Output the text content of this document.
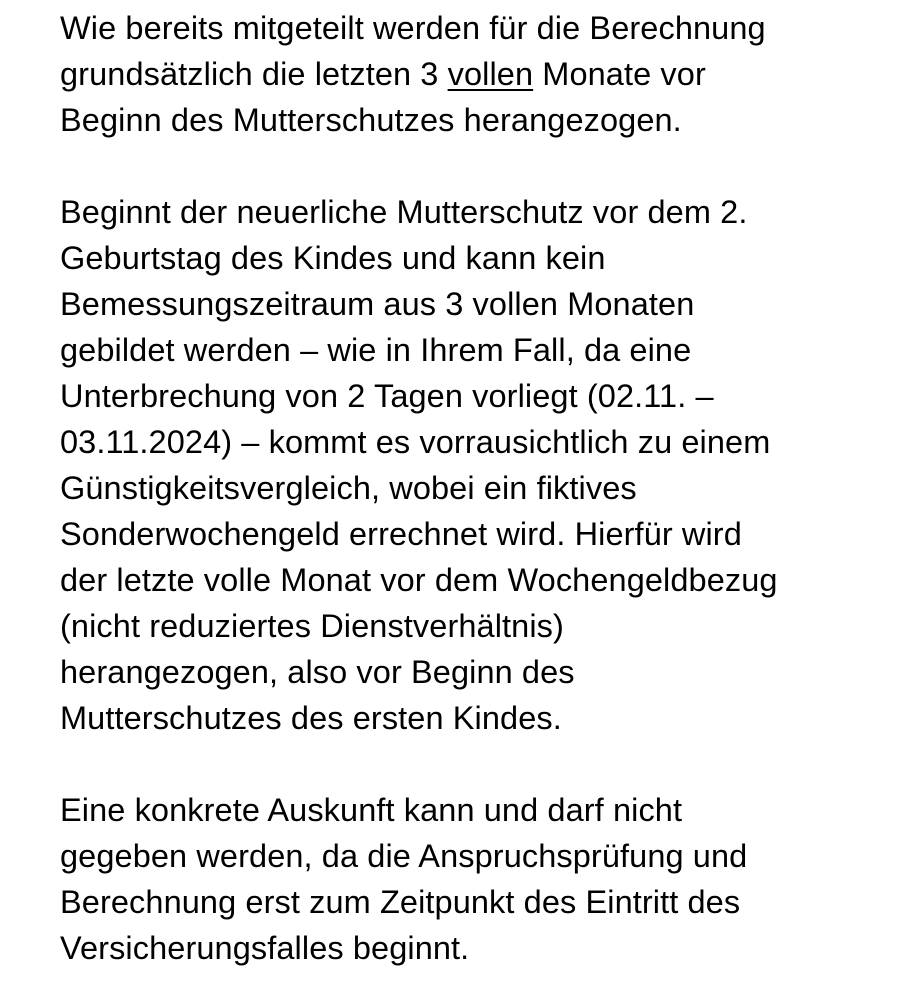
Wie bereits mitgeteilt werden für die Berechnung
grundsätzlich die letzten 3 vollen Monate vor
Beginn des Mutterschutzes herangezogen.
Beginnt der neuerliche Mutterschutz vor dem 2.
Geburtstag des Kindes und kann kein
Bemessungszeitraum aus 3 vollen Monaten
gebildet werden – wie in Ihrem Fall, da eine
Unterbrechung von 2 Tagen vorliegt (02.11. –
03.11.2024) – kommt es vorrausichtlich zu einem
Günstigkeitsvergleich, wobei ein fiktives
Sonderwochengeld errechnet wird. Hierfür wird
der letzte volle Monat vor dem Wochengeldbezug
(nicht reduziertes Dienstverhältnis)
herangezogen, also vor Beginn des
Mutterschutzes des ersten Kindes.
Eine konkrete Auskunft kann und darf nicht
gegeben werden, da die Anspruchsprüfung und
Berechnung erst zum Zeitpunkt des Eintritt des
Versicherungsfalles beginnt.
